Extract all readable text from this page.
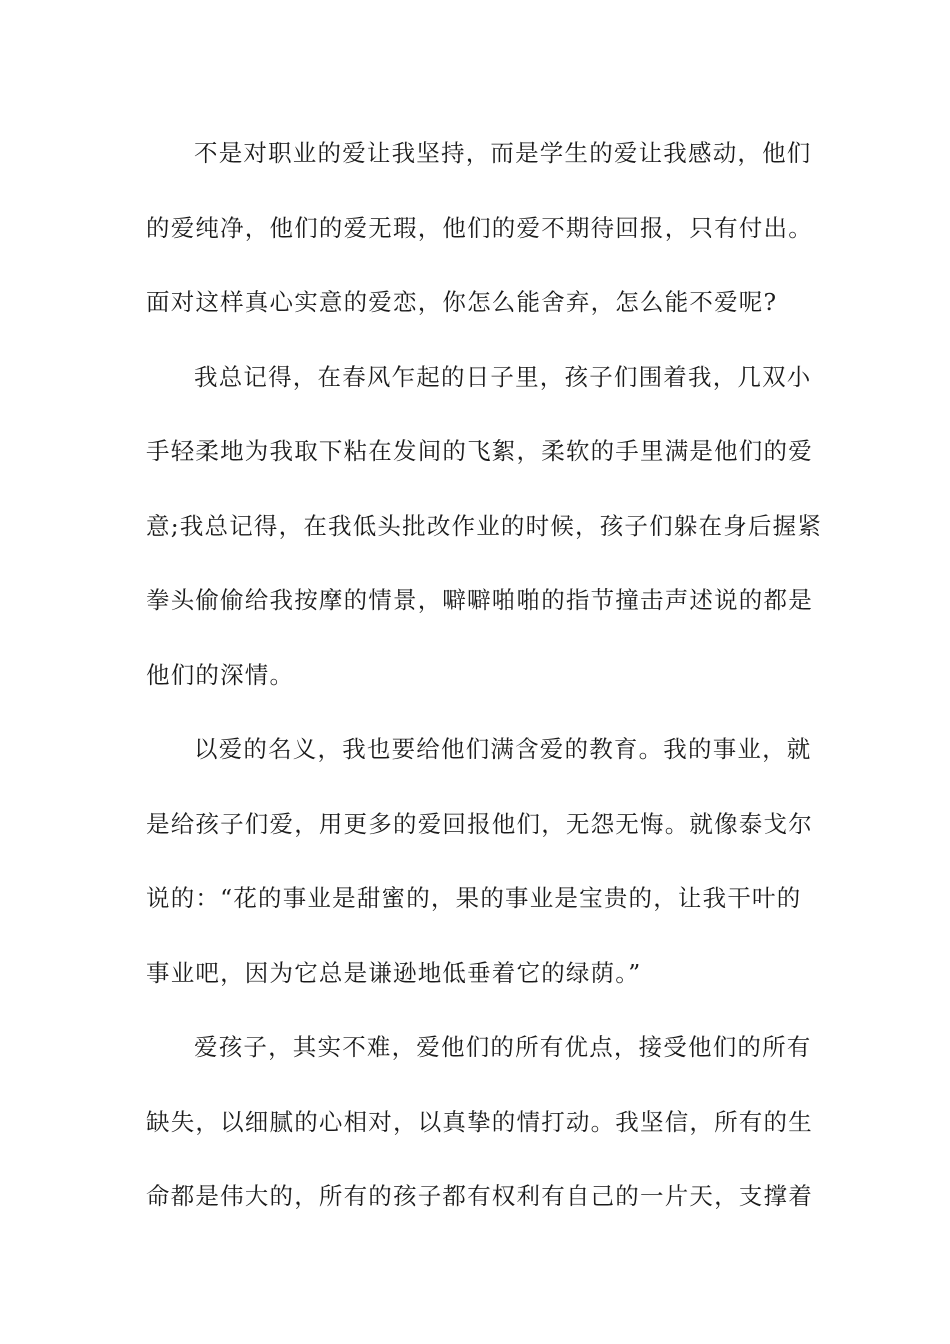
不是对职业的爱让我坚持，而是学生的爱让我感动，他们
的爱纯净，他们的爱无瑕，他们的爱不期待回报，只有付出。
面对这样真心实意的爱恋，你怎么能舍弃，怎么能不爱呢?
我总记得，在春风乍起的日子里，孩子们围着我，几双小
手轻柔地为我取下粘在发间的飞絮，柔软的手里满是他们的爱
意;我总记得，在我低头批改作业的时候，孩子们躲在身后握紧
拳头偷偷给我按摩的情景，噼噼啪啪的指节撞击声述说的都是
他们的深情。
以爱的名义，我也要给他们满含爱的教育。我的事业，就
是给孩子们爱，用更多的爱回报他们，无怨无悔。就像泰戈尔
说的：“花的事业是甜蜜的，果的事业是宝贵的，让我干叶的
事业吧，因为它总是谦逊地低垂着它的绿荫。”
爱孩子，其实不难，爱他们的所有优点，接受他们的所有
缺失，以细腻的心相对，以真挚的情打动。我坚信，所有的生
命都是伟大的，所有的孩子都有权利有自己的一片天，支撑着
